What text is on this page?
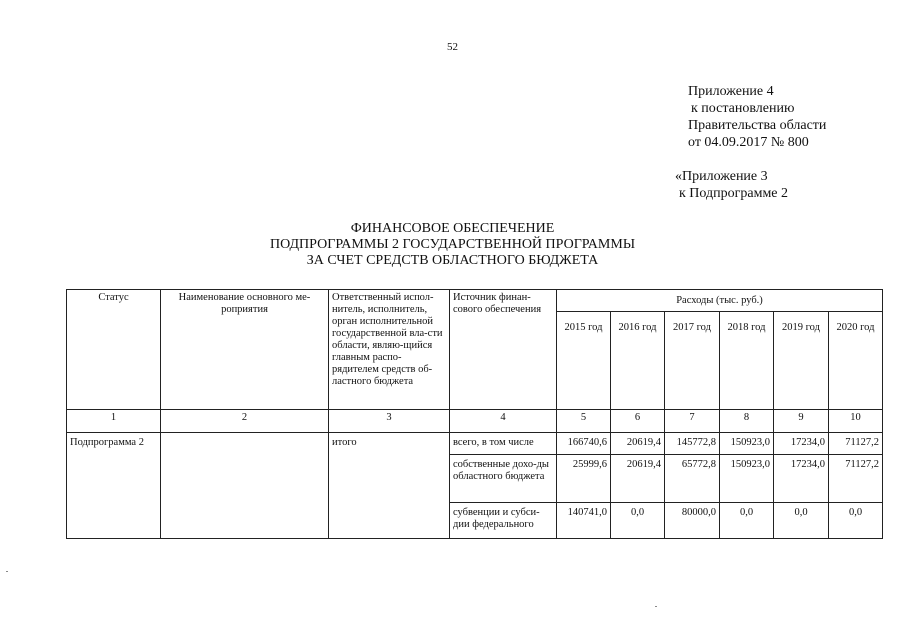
52
Приложение 4
к постановлению
Правительства области
от 04.09.2017 № 800
«Приложение 3
к Подпрограмме 2
ФИНАНСОВОЕ ОБЕСПЕЧЕНИЕ
ПОДПРОГРАММЫ 2 ГОСУДАРСТВЕННОЙ ПРОГРАММЫ
ЗА СЧЕТ СРЕДСТВ ОБЛАСТНОГО БЮДЖЕТА
Статус	Наименование основного ме-роприятия	Ответственный испол-нитель, исполнитель, орган исполнительной государственной вла-сти области, являю-щийся главным распо-рядителем средств об-ластного бюджета	Источник финан-сового обеспечения	Расходы (тыс. руб.)					
				2015 год	2016 год	2017 год	2018 год	2019 год	2020 год
1	2	3	4	5	6	7	8	9	10
Подпрограмма 2		итого	всего, в том числе	166740,6	20619,4	145772,8	150923,0	17234,0	71127,2
			собственные дохо-ды областного бюджета	25999,6	20619,4	65772,8	150923,0	17234,0	71127,2
			субвенции и субси-дии федерального	140741,0	0,0	80000,0	0,0	0,0	0,0
